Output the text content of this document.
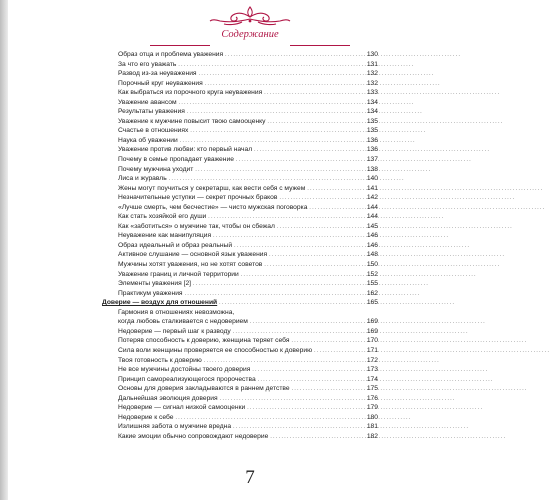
Содержание
Образ отца и проблема уважения . . .	130
За что его уважать . . .	131
Развод из-за неуважения . . .	132
Порочный круг неуважения . . .	132
Как выбраться из порочного круга неуважения . . .	133
Уважение авансом . . .	134
Результаты уважения . . .	134
Уважение к мужчине повысит твою самооценку . . .	135
Счастье в отношениях . . .	135
Наука об уважении . . .	136
Уважение против любви: кто первый начал . . .	136
Почему в семье пропадает уважение . . .	137
Почему мужчина уходит . . .	138
Лиса и журавль . . .	140
Жены могут поучиться у секретарш, как вести себя с мужем . . .	141
Незначительные уступки — секрет прочных браков . . .	142
«Лучше смерть, чем бесчестие» — чисто мужская поговорка . . .	144
Как стать хозяйкой его души . . .	144
Как «заботиться» о мужчине так, чтобы он сбежал . . .	145
Неуважение как манипуляция . . .	146
Образ идеальный и образ реальный . . .	146
Активное слушание — основной язык уважения . . .	148
Мужчины хотят уважения, но не хотят советов . . .	150
Уважение границ и личной территории . . .	152
Элементы уважения [2] . . .	155
Практикум уважения . . .	162
Доверие — воздух для отношений . . .	165
Гармония в отношениях невозможна,
когда любовь сталкивается с недоверием . . .	169
Недоверие — первый шаг к разводу . . .	169
Потеряв способность к доверию, женщина теряет себя . . .	170
Сила воли женщины проверяется ее способностью к доверию . . .	171
Твоя готовность к доверию . . .	172
Не все мужчины достойны твоего доверия . . .	173
Принцип самореализующегося пророчества . . .	174
Основы для доверия закладываются в раннем детстве . . .	175
Дальнейшая эволюция доверия . . .	176
Недоверие — сигнал низкой самооценки . . .	179
Недоверие к себе . . .	180
Излишняя забота о мужчине вредна . . .	181
Какие эмоции обычно сопровождают недоверие . . .	182
7
